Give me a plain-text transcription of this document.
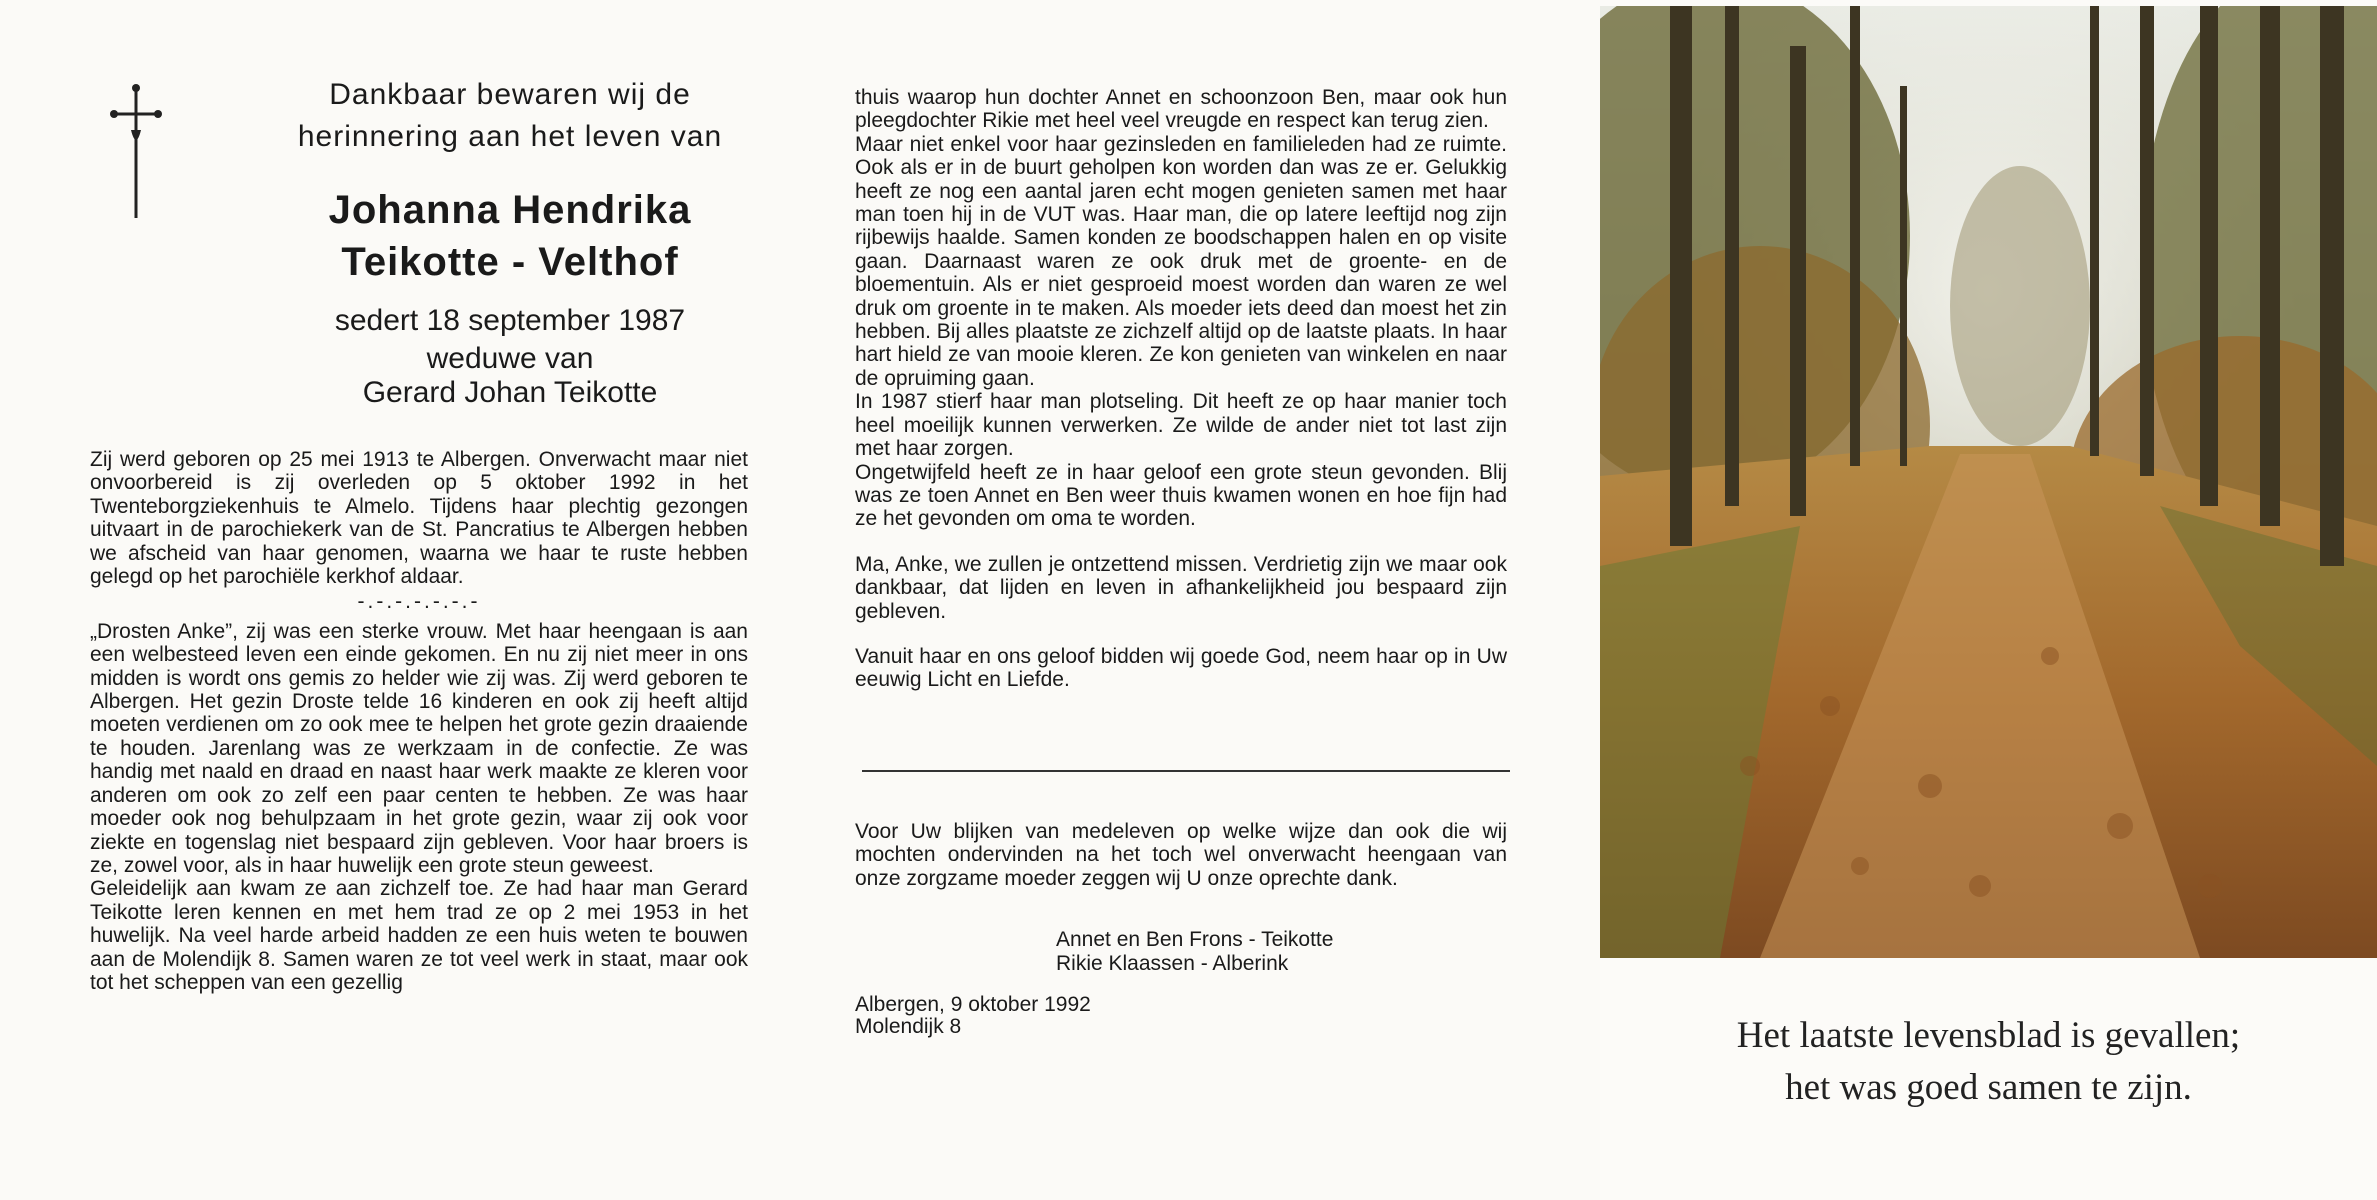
Dankbaar bewaren wij de

herinnering aan het leven van

Johanna Hendrika

Teikotte - Velthof

sedert 18 september 1987

weduwe van

Gerard Johan Teikotte

Zij werd geboren op 25 mei 1913 te Albergen. Onverwacht maar niet onvoorbereid is zij overleden op 5 oktober 1992 in het Twenteborgziekenhuis te Almelo. Tijdens haar plechtig gezongen uitvaart in de parochiekerk van de St. Pancratius te Albergen hebben we afscheid van haar genomen, waarna we haar te ruste hebben gelegd op het parochiële kerkhof aldaar.

-.-.-.-.-.-.-

„Drosten Anke”, zij was een sterke vrouw. Met haar heengaan is aan een welbesteed leven een einde gekomen. En nu zij niet meer in ons midden is wordt ons gemis zo helder wie zij was. Zij werd geboren te Albergen. Het gezin Droste telde 16 kinderen en ook zij heeft altijd moeten verdienen om zo ook mee te helpen het grote gezin draaiende te houden. Jarenlang was ze werkzaam in de confectie. Ze was handig met naald en draad en naast haar werk maakte ze kleren voor anderen om ook zo zelf een paar centen te hebben. Ze was haar moeder ook nog behulpzaam in het grote gezin, waar zij ook voor ziekte en togenslag niet bespaard zijn gebleven. Voor haar broers is ze, zowel voor, als in haar huwelijk een grote steun geweest.

Geleidelijk aan kwam ze aan zichzelf toe. Ze had haar man Gerard Teikotte leren kennen en met hem trad ze op 2 mei 1953 in het huwelijk. Na veel harde arbeid hadden ze een huis weten te bouwen aan de Molendijk 8. Samen waren ze tot veel werk in staat, maar ook tot het scheppen van een gezellig

thuis waarop hun dochter Annet en schoonzoon Ben, maar ook hun pleegdochter Rikie met heel veel vreugde en respect kan terug zien.

Maar niet enkel voor haar gezinsleden en familieleden had ze ruimte. Ook als er in de buurt geholpen kon worden dan was ze er. Gelukkig heeft ze nog een aantal jaren echt mogen genieten samen met haar man toen hij in de VUT was. Haar man, die op latere leeftijd nog zijn rijbewijs haalde. Samen konden ze boodschappen halen en op visite gaan. Daarnaast waren ze ook druk met de groente- en de bloementuin. Als er niet gesproeid moest worden dan waren ze wel druk om groente in te maken. Als moeder iets deed dan moest het zin hebben. Bij alles plaatste ze zichzelf altijd op de laatste plaats. In haar hart hield ze van mooie kleren. Ze kon genieten van winkelen en naar de opruiming gaan.

In 1987 stierf haar man plotseling. Dit heeft ze op haar manier toch heel moeilijk kunnen verwerken. Ze wilde de ander niet tot last zijn met haar zorgen.

Ongetwijfeld heeft ze in haar geloof een grote steun gevonden. Blij was ze toen Annet en Ben weer thuis kwamen wonen en hoe fijn had ze het gevonden om oma te worden.

Ma, Anke, we zullen je ontzettend missen. Verdrietig zijn we maar ook dankbaar, dat lijden en leven in afhankelijkheid jou bespaard zijn gebleven.

Vanuit haar en ons geloof bidden wij goede God, neem haar op in Uw eeuwig Licht en Liefde.

Voor Uw blijken van medeleven op welke wijze dan ook die wij mochten ondervinden na het toch wel onverwacht heengaan van onze zorgzame moeder zeggen wij U onze oprechte dank.

Annet en Ben Frons - Teikotte
Rikie Klaassen - Alberink
Albergen, 9 oktober 1992
Molendijk 8	Het laatste levensblad is gevallen;

het was goed samen te zijn.
